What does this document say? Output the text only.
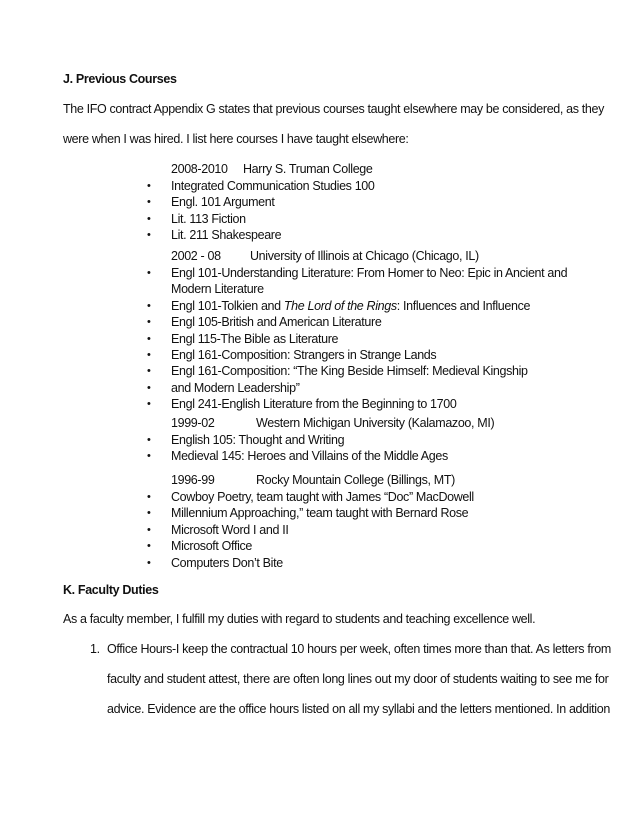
J. Previous Courses
The IFO contract Appendix G states that previous courses taught elsewhere may be considered, as they
were when I was hired. I list here courses I have taught elsewhere:
2008-2010 Harry S. Truman College
•	Integrated Communication Studies 100
•	Engl. 101 Argument
•	Lit. 113 Fiction
•	Lit. 211 Shakespeare
2002 - 08 University of Illinois at Chicago (Chicago, IL)
•	Engl 101-Understanding Literature: From Homer to Neo: Epic in Ancient and Modern Literature
•	Engl 101-Tolkien and The Lord of the Rings: Influences and Influence
•	Engl 105-British and American Literature
•	Engl 115-The Bible as Literature
•	Engl 161-Composition: Strangers in Strange Lands
•	Engl 161-Composition: “The King Beside Himself: Medieval Kingship
•	and Modern Leadership”
•	Engl 241-English Literature from the Beginning to 1700
1999-02	Western Michigan University (Kalamazoo, MI)
•	English 105: Thought and Writing
•	Medieval 145: Heroes and Villains of the Middle Ages
1996-99	Rocky Mountain College (Billings, MT)
•	Cowboy Poetry, team taught with James “Doc” MacDowell
•	Millennium Approaching,” team taught with Bernard Rose
•	Microsoft Word I and II
•	Microsoft Office
•	Computers Don’t Bite
K. Faculty Duties
As a faculty member, I fulfill my duties with regard to students and teaching excellence well.
1. Office Hours-I keep the contractual 10 hours per week, often times more than that. As letters from
faculty and student attest, there are often long lines out my door of students waiting to see me for
advice. Evidence are the office hours listed on all my syllabi and the letters mentioned. In addition
